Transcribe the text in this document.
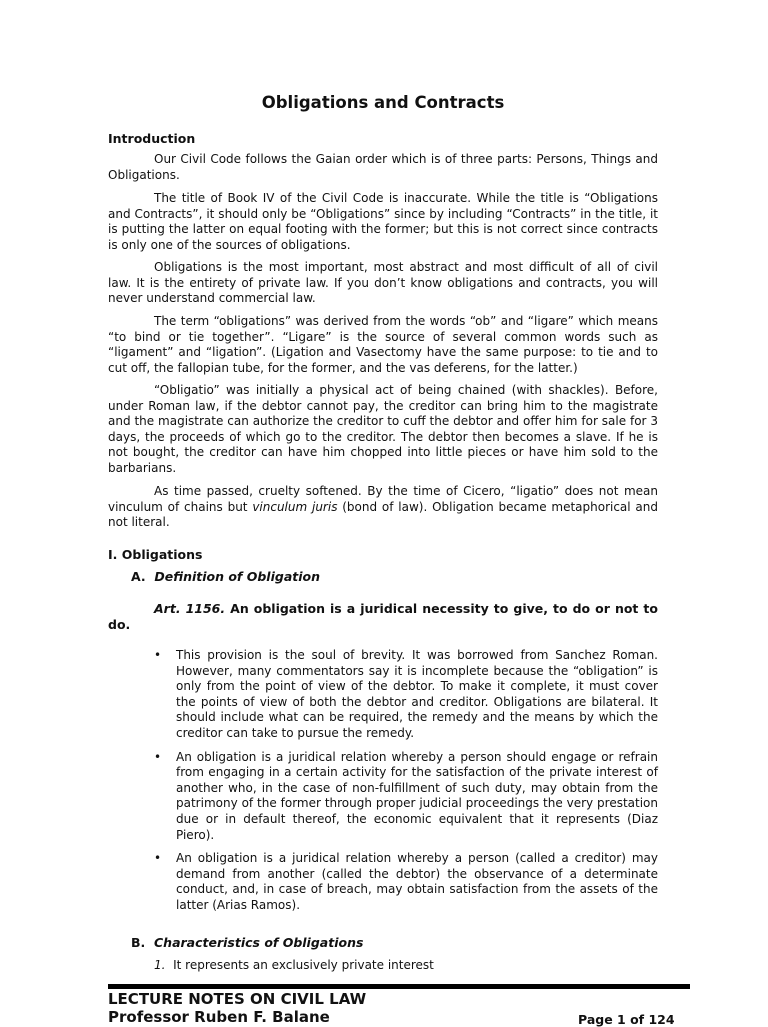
Obligations and Contracts
Introduction

Our Civil Code follows the Gaian order which is of three parts: Persons, Things and Obligations.

The title of Book IV of the Civil Code is inaccurate. While the title is “Obligations and Contracts”, it should only be “Obligations” since by including “Contracts” in the title, it is putting the latter on equal footing with the former; but this is not correct since contracts is only one of the sources of obligations.

Obligations is the most important, most abstract and most difficult of all of civil law. It is the entirety of private law. If you don’t know obligations and contracts, you will never understand commercial law.

The term “obligations” was derived from the words “ob” and “ligare” which means “to bind or tie together”. “Ligare” is the source of several common words such as “ligament” and “ligation”. (Ligation and Vasectomy have the same purpose: to tie and to cut off, the fallopian tube, for the former, and the vas deferens, for the latter.)

“Obligatio” was initially a physical act of being chained (with shackles). Before, under Roman law, if the debtor cannot pay, the creditor can bring him to the magistrate and the magistrate can authorize the creditor to cuff the debtor and offer him for sale for 3 days, the proceeds of which go to the creditor. The debtor then becomes a slave. If he is not bought, the creditor can have him chopped into little pieces or have him sold to the barbarians.

As time passed, cruelty softened. By the time of Cicero, “ligatio” does not mean vinculum of chains but vinculum juris (bond of law). Obligation became metaphorical and not literal.

I. Obligations
A. Definition of Obligation

Art. 1156. An obligation is a juridical necessity to give, to do or not to do.

• This provision is the soul of brevity. It was borrowed from Sanchez Roman. However, many commentators say it is incomplete because the “obligation” is only from the point of view of the debtor. To make it complete, it must cover the points of view of both the debtor and creditor. Obligations are bilateral. It should include what can be required, the remedy and the means by which the creditor can take to pursue the remedy.
• An obligation is a juridical relation whereby a person should engage or refrain from engaging in a certain activity for the satisfaction of the private interest of another who, in the case of non-fulfillment of such duty, may obtain from the patrimony of the former through proper judicial proceedings the very prestation due or in default thereof, the economic equivalent that it represents (Diaz Piero).
• An obligation is a juridical relation whereby a person (called a creditor) may demand from another (called the debtor) the observance of a determinate conduct, and, in case of breach, may obtain satisfaction from the assets of the latter (Arias Ramos).
B. Characteristics of Obligations
1. It represents an exclusively private interest
LECTURE NOTES ON CIVIL LAW
Professor Ruben F. Balane	Page 1 of 124
